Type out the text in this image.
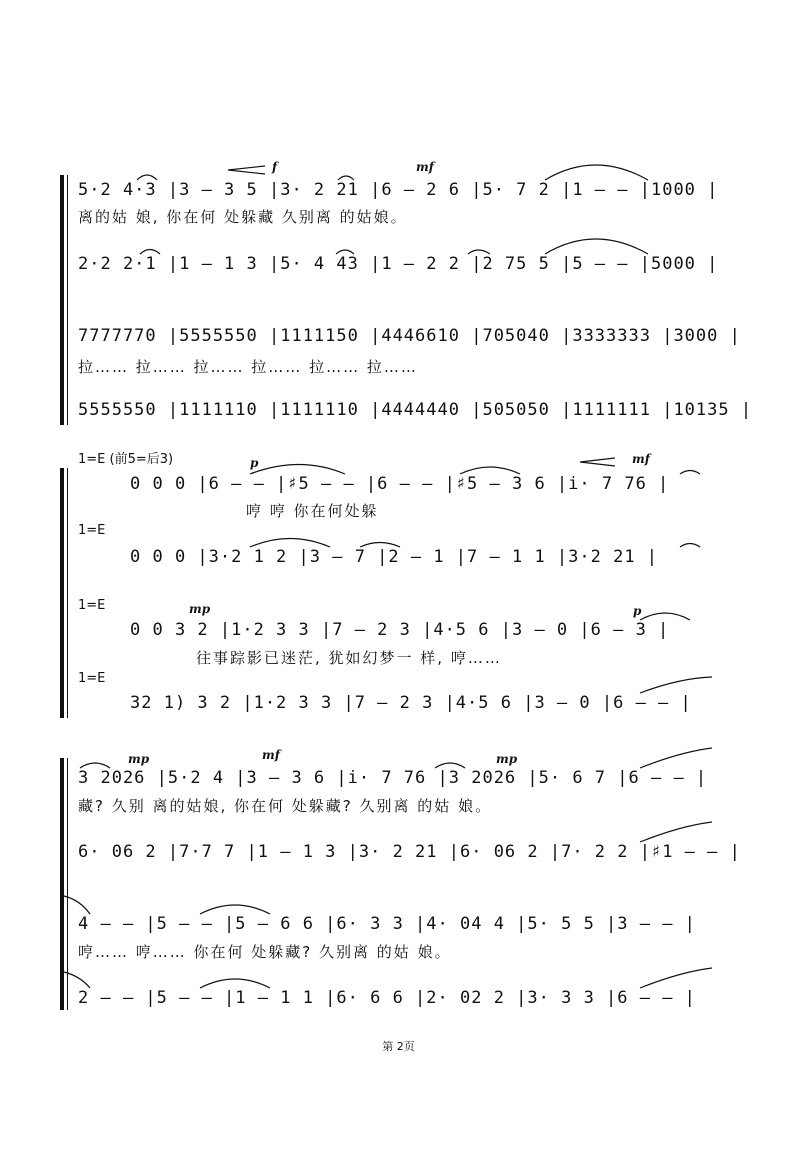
5·2 4·3 |3 – 3 5 |3· 2 21 |6 – 2 6 |5· 7 2 |1 – – |1000 |
离的姑 娘, 你在何 处躲藏 久别离 的姑娘。
2·2 2·1 |1 – 1 3 |5· 4 43 |1 – 2 2 |2 75 5 |5 – – |5000 |
7777770 |5555550 |1111150 |4446610 |705040 |3333333 |3000 |
拉…… 拉…… 拉…… 拉…… 拉…… 拉……
5555550 |1111110 |1111110 |4444440 |505050 |1111111 |10135 |
f	mf
1=E (前5=后3)
0 0 0 |6 – – |♯5 – – |6 – – |♯5 – 3 6 |i· 7 76 |
哼 哼 你在何处躲
1=E
0 0 0 |3·2 1 2 |3 – 7 |2 – 1 |7 – 1 1 |3·2 21 |
1=E
0 0 3 2 |1·2 3 3 |7 – 2 3 |4·5 6 |3 – 0 |6 – 3 |
往事踪影已迷茫, 犹如幻梦一 样, 哼……
1=E
32 1) 3 2 |1·2 3 3 |7 – 2 3 |4·5 6 |3 – 0 |6 – – |
p	mf
mp	p
3 2026 |5·2 4 |3 – 3 6 |i· 7 76 |3 2026 |5· 6 7 |6 – – |
藏? 久别 离的姑娘, 你在何 处躲藏? 久别离 的姑 娘。
6· 06 2 |7·7 7 |1 – 1 3 |3· 2 21 |6· 06 2 |7· 2 2 |♯1 – – |
4 – – |5 – – |5 – 6 6 |6· 3 3 |4· 04 4 |5· 5 5 |3 – – |
哼…… 哼…… 你在何 处躲藏? 久别离 的姑 娘。
2 – – |5 – – |1 – 1 1 |6· 6 6 |2· 02 2 |3· 3 3 |6 – – |
mp	mf	mp
第 2页
